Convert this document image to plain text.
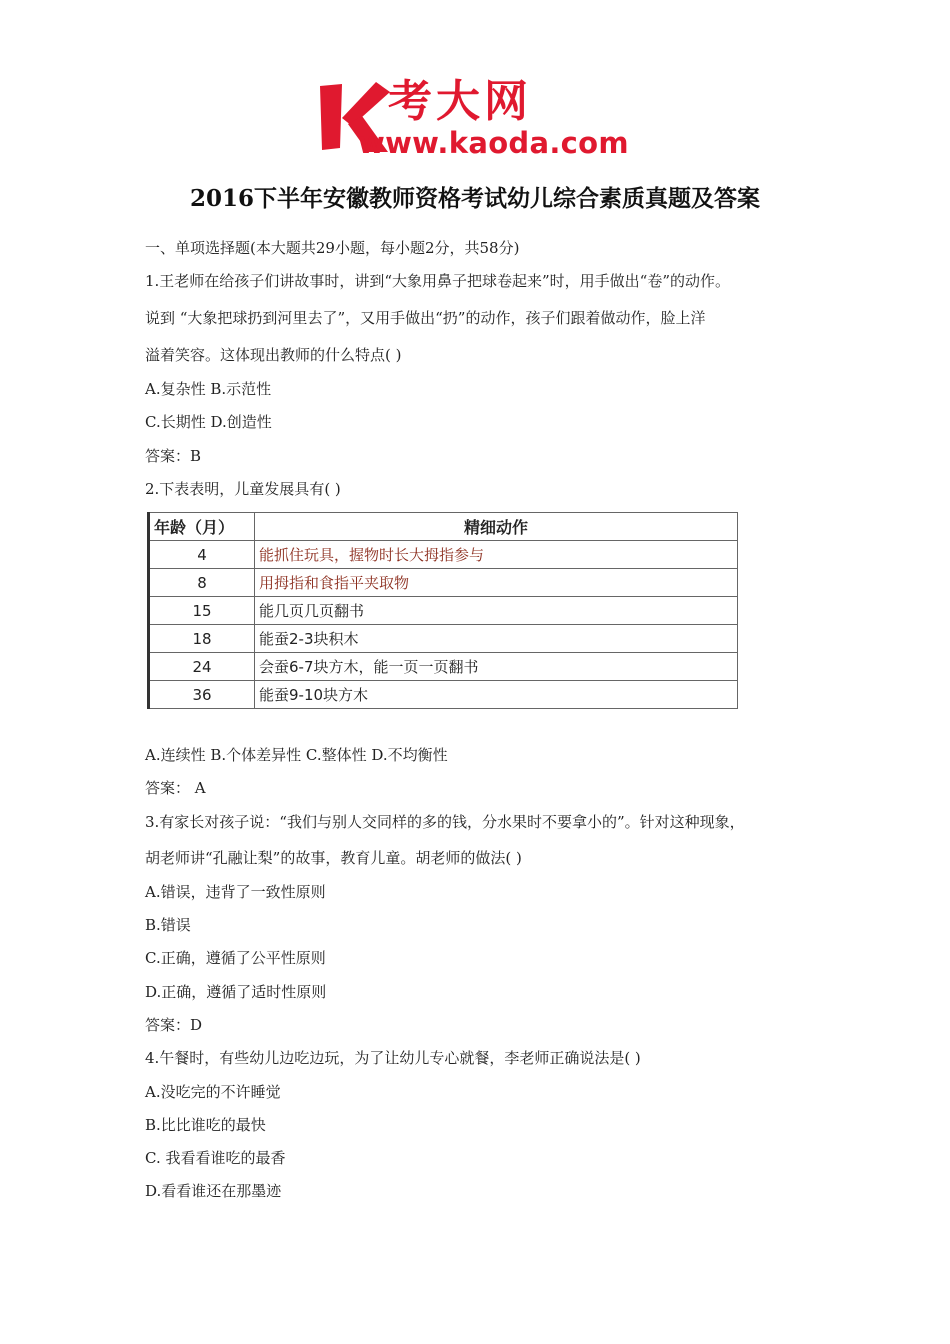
考大网
www.kaoda.com
2016下半年安徽教师资格考试幼儿综合素质真题及答案
一、单项选择题(本大题共29小题，每小题2分，共58分)
1.王老师在给孩子们讲故事时，讲到“大象用鼻子把球卷起来”时，用手做出“卷”的动作。
说到 “大象把球扔到河里去了”，又用手做出“扔”的动作，孩子们跟着做动作，脸上洋
溢着笑容。这体现出教师的什么特点( )
A.复杂性 B.示范性
C.长期性 D.创造性
答案：B
2.下表表明，儿童发展具有( )
年龄（月）	精细动作
4	能抓住玩具，握物时长大拇指参与
8	用拇指和食指平夹取物
15	能几页几页翻书
18	能蚕2-3块积木
24	会蚕6-7块方木，能一页一页翻书
36	能蚕9-10块方木
A.连续性 B.个体差异性 C.整体性 D.不均衡性
答案： A
3.有家长对孩子说：“我们与别人交同样的多的钱，分水果时不要拿小的”。针对这种现象，
胡老师讲“孔融让梨”的故事，教育儿童。胡老师的做法( )
A.错误，违背了一致性原则
B.错误
C.正确，遵循了公平性原则
D.正确，遵循了适时性原则
答案：D
4.午餐时，有些幼儿边吃边玩，为了让幼儿专心就餐，李老师正确说法是( )
A.没吃完的不许睡觉
B.比比谁吃的最快
C. 我看看谁吃的最香
D.看看谁还在那墨迹
